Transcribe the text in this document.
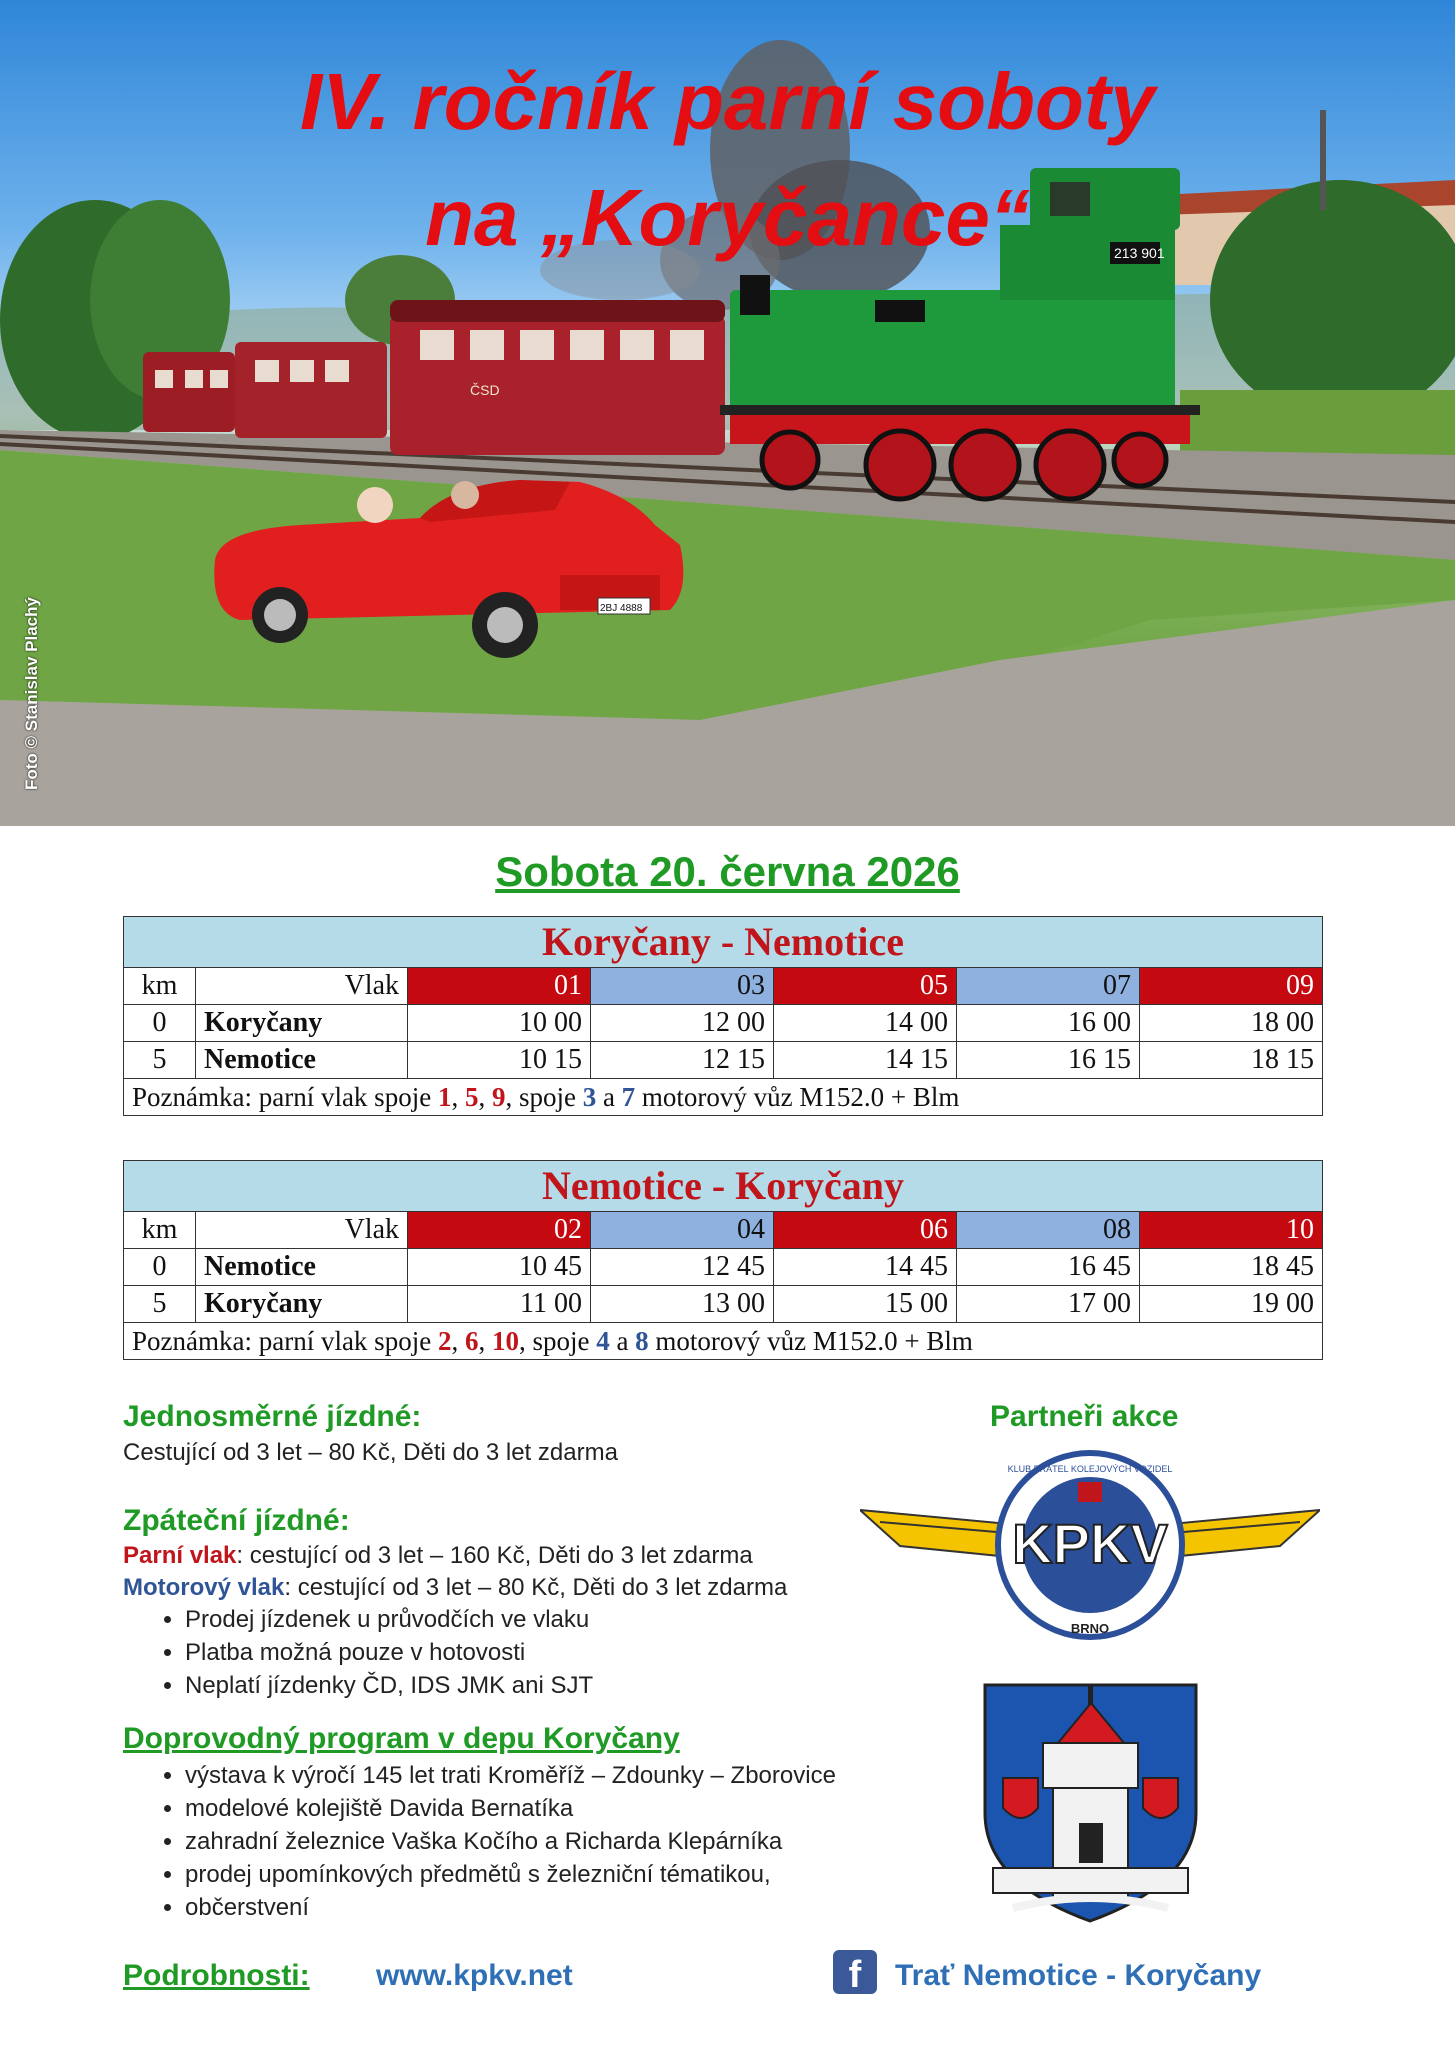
ČSD
213 901
2BJ 4888
IV. ročník parní soboty
na „Koryčance“
Foto © Stanislav Plachý
Sobota 20. června 2026
Koryčany - Nemotice						
km	Vlak	01	03	05	07	09
0	Koryčany	10 00	12 00	14 00	16 00	18 00
5	Nemotice	10 15	12 15	14 15	16 15	18 15
Poznámka: parní vlak spoje 1, 5, 9, spoje 3 a 7 motorový vůz M152.0 + Blm						
Nemotice - Koryčany						
km	Vlak	02	04	06	08	10
0	Nemotice	10 45	12 45	14 45	16 45	18 45
5	Koryčany	11 00	13 00	15 00	17 00	19 00
Poznámka: parní vlak spoje 2, 6, 10, spoje 4 a 8 motorový vůz M152.0 + Blm						
Jednosměrné jízdné:

Cestující od 3 let – 80 Kč, Děti do 3 let zdarma

Zpáteční jízdné:

Parní vlak: cestující od 3 let – 160 Kč, Děti do 3 let zdarma

Motorový vlak: cestující od 3 let – 80 Kč, Děti do 3 let zdarma

• Prodej jízdenek u průvodčích ve vlaku
• Platba možná pouze v hotovosti
• Neplatí jízdenky ČD, IDS JMK ani SJT
Doprovodný program v depu Koryčany
• výstava k výročí 145 let trati Kroměříž – Zdounky – Zborovice
• modelové kolejiště Davida Bernatíka
• zahradní železnice Vaška Kočího a Richarda Klepárníka
• prodej upomínkových předmětů s železniční tématikou,
• občerstvení
Partneři akce
KLUB PŘÁTEL KOLEJOVÝCH VOZIDEL
KPKV
BRNO
Podrobnosti: www.kpkv.net	f	Trať Nemotice - Koryčany
